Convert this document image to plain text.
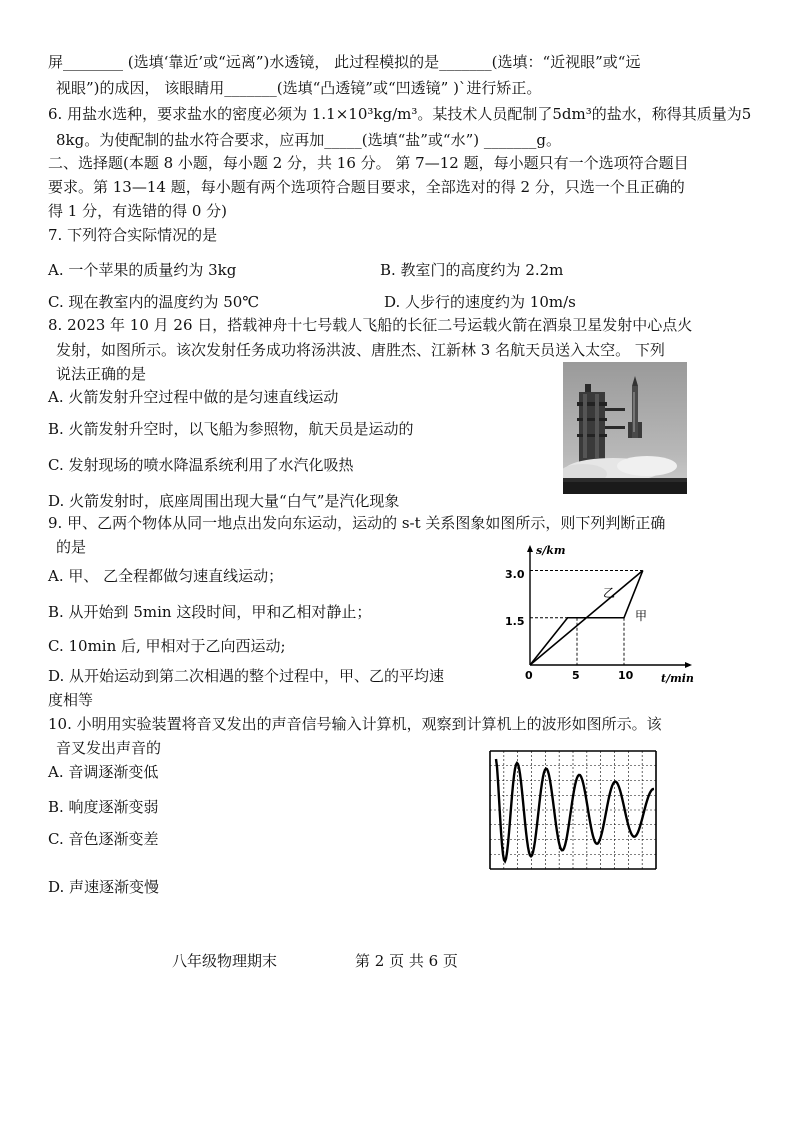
屏________ (选填‘靠近’或“远离”)水透镜， 此过程模拟的是_______(选填：“近视眼”或“远
视眼”)的成因， 该眼睛用_______(选填“凸透镜”或“凹透镜” )`进行矫正。
6. 用盐水选种，要求盐水的密度必须为 1.1×10³kg/m³。某技术人员配制了5dm³的盐水，称得其质量为5
8kg。为使配制的盐水符合要求，应再加_____(选填“盐”或“水”) _______g。
二、选择题(本题 8 小题，每小题 2 分，共 16 分。 第 7—12 题，每小题只有一个选项符合题目
要求。第 13—14 题，每小题有两个选项符合题目要求，全部选对的得 2 分，只选一个且正确的
得 1 分，有选错的得 0 分)
7. 下列符合实际情况的是
A. 一个苹果的质量约为 3kg	B. 教室门的高度约为 2.2m
C. 现在教室内的温度约为 50℃	D. 人步行的速度约为 10m/s
8. 2023 年 10 月 26 日，搭载神舟十七号载人飞船的长征二号运载火箭在酒泉卫星发射中心点火
发射，如图所示。该次发射任务成功将汤洪波、唐胜杰、江新林 3 名航天员送入太空。 下列
说法正确的是
A. 火箭发射升空过程中做的是匀速直线运动
B. 火箭发射升空时，以飞船为参照物，航天员是运动的
C. 发射现场的喷水降温系统利用了水汽化吸热
D. 火箭发射时，底座周围出现大量“白气”是汽化现象
9. 甲、乙两个物体从同一地点出发向东运动，运动的 s-t 关系图象如图所示，则下列判断正确
的是
A. 甲、 乙全程都做匀速直线运动；
B. 从开始到 5min 这段时间，甲和乙相对静止；
C. 10min 后, 甲相对于乙向西运动;
D. 从开始运动到第二次相遇的整个过程中，甲、乙的平均速
度相等
s/km
t/min
乙
甲
1.5
3.0
0	5	10
10. 小明用实验装置将音叉发出的声音信号输入计算机，观察到计算机上的波形如图所示。该
音叉发出声音的
A. 音调逐渐变低
B. 响度逐渐变弱
C. 音色逐渐变差
D. 声速逐渐变慢
八年级物理期末	第 2 页 共 6 页
